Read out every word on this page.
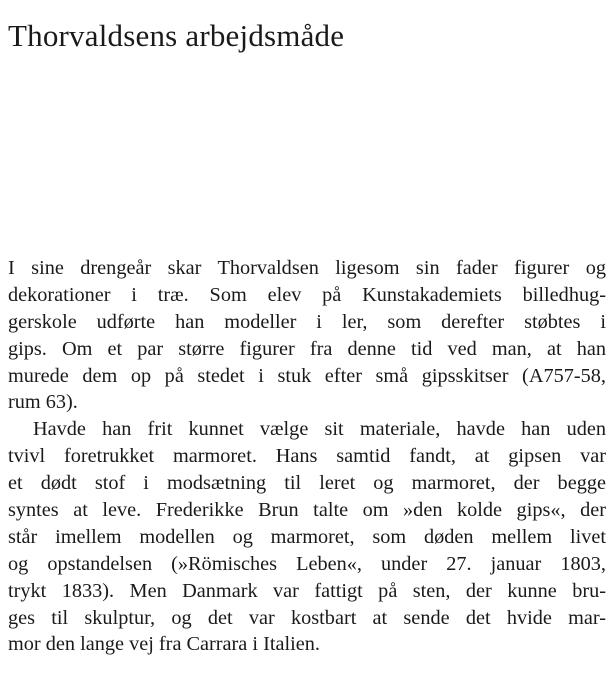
Thorvaldsens arbejdsmåde
I sine drengeår skar Thorvaldsen ligesom sin fader figurer og
dekorationer i træ. Som elev på Kunstakademiets billedhug-
gerskole udførte han modeller i ler, som derefter støbtes i
gips. Om et par større figurer fra denne tid ved man, at han
murede dem op på stedet i stuk efter små gipsskitser (A757-58,
rum 63).
Havde han frit kunnet vælge sit materiale, havde han uden
tvivl foretrukket marmoret. Hans samtid fandt, at gipsen var
et dødt stof i modsætning til leret og marmoret, der begge
syntes at leve. Frederikke Brun talte om »den kolde gips«, der
står imellem modellen og marmoret, som døden mellem livet
og opstandelsen (»Römisches Leben«, under 27. januar 1803,
trykt 1833). Men Danmark var fattigt på sten, der kunne bru-
ges til skulptur, og det var kostbart at sende det hvide mar-
mor den lange vej fra Carrara i Italien.
